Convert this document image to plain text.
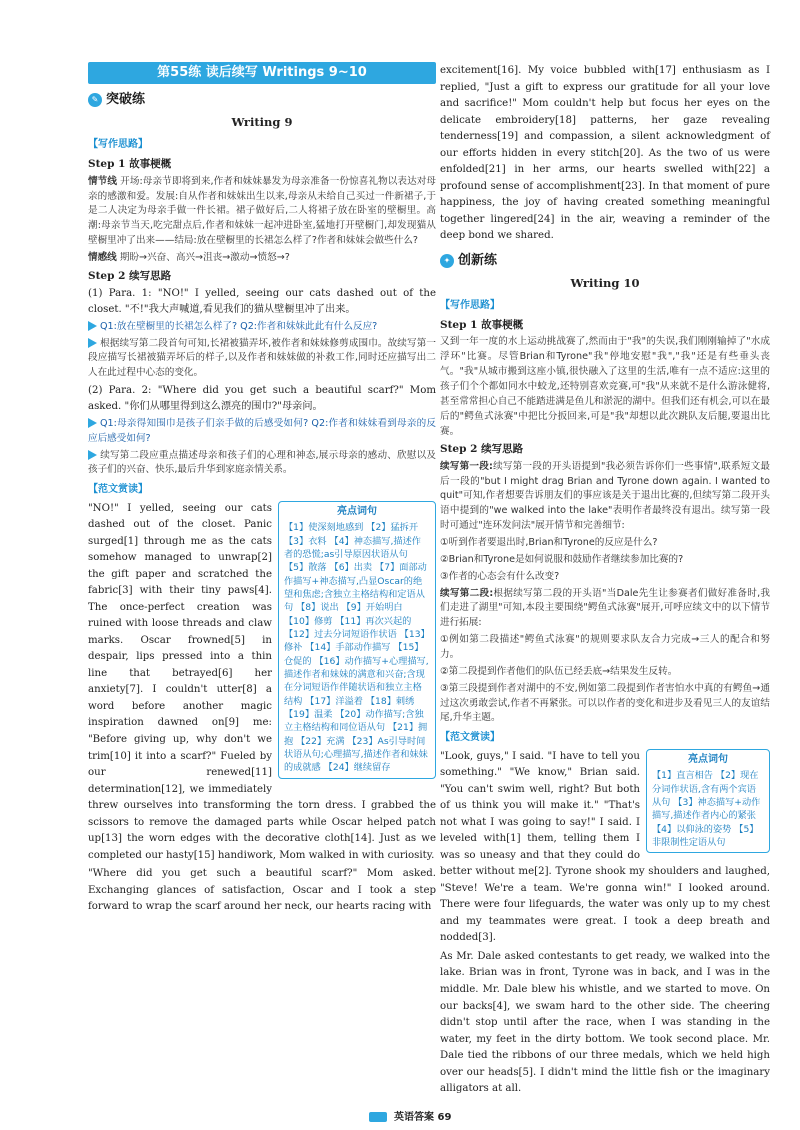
第55练 读后续写 Writings 9~10
✎ 突破练
Writing 9
【写作思路】
Step 1 故事梗概

情节线 开场:母亲节即将到来,作者和妹妹暴发为母亲准备一份惊喜礼物以表达对母亲的感激和爱。发展:自从作者和妹妹出生以来,母亲从未给自己买过一件新裙子,于是二人决定为母亲手做一件长裙。裙子做好后,二人将裙子放在卧室的壁橱里。高潮:母亲节当天,吃完甜点后,作者和妹妹一起冲进卧室,猛地打开壁橱门,却发现猫从壁橱里冲了出来——结局:放在壁橱里的长裙怎么样了?作者和妹妹会做些什么?

情感线 期盼→兴奋、高兴→沮丧→激动→愤怒→?

Step 2 续写思路

(1) Para. 1: "NO!" I yelled, seeing our cats dashed out of the closet. "不!"我大声喊道,看见我们的猫从壁橱里冲了出来。

Q1:放在壁橱里的长裙怎么样了? Q2:作者和妹妹此此有什么反应?

根据续写第二段首句可知,长裙被猫弄坏,被作者和妹妹修剪成围巾。故续写第一段应描写长裙被猫弄坏后的样子,以及作者和妹妹做的补救工作,同时还应描写出二人在此过程中心态的变化。

(2) Para. 2: "Where did you get such a beautiful scarf?" Mom asked. "你们从哪里得到这么漂亮的围巾?"母亲问。

Q1:母亲得知围巾是孩子们亲手做的后感受如何? Q2:作者和妹妹看到母亲的反应后感受如何?

续写第二段应重点描述母亲和孩子们的心理和神态,展示母亲的感动、欣慰以及孩子们的兴奋、快乐,最后升华到家庭亲情关系。

【范文赏读】
亮点词句
【1】使深刻地感到 【2】猛拆开 【3】衣料 【4】神态描写,描述作者的恐慌;as引导原因状语从句 【5】散落 【6】出卖 【7】面部动作描写+神态描写,凸显Oscar的绝望和焦虑;含独立主格结构和定语从句 【8】说出 【9】开始明白 【10】修剪 【11】再次兴起的 【12】过去分词短语作状语 【13】修补 【14】手部动作描写 【15】仓促的 【16】动作描写+心理描写,描述作者和妹妹的满意和兴奋;含现在分词短语作伴随状语和独立主格结构 【17】洋溢着 【18】刺绣 【19】温柔 【20】动作描写;含独立主格结构和同位语从句 【21】拥抱 【22】充满 【23】As引导时间状语从句;心理描写,描述作者和妹妹的成就感 【24】继续留存

"NO!" I yelled, seeing our cats dashed out of the closet. Panic surged[1] through me as the cats somehow managed to unwrap[2] the gift paper and scratched the fabric[3] with their tiny paws[4]. The once-perfect creation was ruined with loose threads and claw marks. Oscar frowned[5] in despair, lips pressed into a thin line that betrayed[6] her anxiety[7]. I couldn't utter[8] a word before another magic inspiration dawned on[9] me: "Before giving up, why don't we trim[10] it into a scarf?" Fueled by our renewed[11] determination[12], we immediately threw ourselves into transforming the torn dress. I grabbed the scissors to remove the damaged parts while Oscar helped patch up[13] the worn edges with the decorative cloth[14]. Just as we completed our hasty[15] handiwork, Mom walked in with curiosity.

"Where did you get such a beautiful scarf?" Mom asked. Exchanging glances of satisfaction, Oscar and I took a step forward to wrap the scarf around her neck, our hearts racing with

excitement[16]. My voice bubbled with[17] enthusiasm as I replied, "Just a gift to express our gratitude for all your love and sacrifice!" Mom couldn't help but focus her eyes on the delicate embroidery[18] patterns, her gaze revealing tenderness[19] and compassion, a silent acknowledgment of our efforts hidden in every stitch[20]. As the two of us were enfolded[21] in her arms, our hearts swelled with[22] a profound sense of accomplishment[23]. In that moment of pure happiness, the joy of having created something meaningful together lingered[24] in the air, weaving a reminder of the deep bond we shared.

✦ 创新练
Writing 10
【写作思路】
Step 1 故事梗概

又到一年一度的水上运动挑战赛了,然而由于"我"的失误,我们刚刚输掉了"水成浮环"比赛。尽管Brian和Tyrone"我"停地安慰"我","我"还是有些垂头丧气。"我"从城市搬到这座小镇,很快融入了这里的生活,唯有一点不适应:这里的孩子们个个都如同水中蛟龙,还特别喜欢竞赛,可"我"从来就不是什么游泳健将,甚至常常担心自己不能踏进满是鱼儿和淤泥的湖中。但我们还有机会,可以在最后的"鳄鱼式泳赛"中把比分扳回来,可是"我"却想以此次跳队友后腿,要退出比赛。

Step 2 续写思路

续写第一段:续写第一段的开头语提到"我必须告诉你们一些事情",联系短文最后一段的"but I might drag Brian and Tyrone down again. I wanted to quit"可知,作者想要告诉朋友们的事应该是关于退出比赛的,但续写第二段开头语中提到的"we walked into the lake"表明作者最终没有退出。续写第一段时可通过"连环发问法"展开情节和完善细节:

①听到作者要退出时,Brian和Tyrone的反应是什么?

②Brian和Tyrone是如何说服和鼓励作者继续参加比赛的?

③作者的心态会有什么改变?

续写第二段:根据续写第二段的开头语"当Dale先生让参赛者们做好准备时,我们走进了湖里"可知,本段主要围绕"鳄鱼式泳赛"展开,可呼应续文中的以下情节进行拓展:

①例如第二段描述"鳄鱼式泳赛"的规则要求队友合力完成→三人的配合和努力。

②第二段提到作者他们的队伍已经丢底→结果发生反转。

③第三段提到作者对湖中的不安,例如第二段提到作者害怕水中真的有鳄鱼→通过这次勇敢尝试,作者不再紧张。可以以作者的变化和进步及看见三人的友谊结尾,升华主题。

【范文赏读】
亮点词句
【1】直言相告 【2】现在分词作状语,含有两个宾语从句 【3】神态描写+动作描写,描述作者内心的紧张 【4】以仰泳的姿势 【5】非限制性定语从句

"Look, guys," I said. "I have to tell you something." "We know," Brian said. "You can't swim well, right? But both of us think you will make it." "That's not what I was going to say!" I said. I leveled with[1] them, telling them I was so uneasy and that they could do better without me[2]. Tyrone shook my shoulders and laughed, "Steve! We're a team. We're gonna win!" I looked around. There were four lifeguards, the water was only up to my chest and my teammates were great. I took a deep breath and nodded[3].

As Mr. Dale asked contestants to get ready, we walked into the lake. Brian was in front, Tyrone was in back, and I was in the middle. Mr. Dale blew his whistle, and we started to move. On our backs[4], we swam hard to the other side. The cheering didn't stop until after the race, when I was standing in the water, my feet in the dirty bottom. We took second place. Mr. Dale tied the ribbons of our three medals, which we held high over our heads[5]. I didn't mind the little fish or the imaginary alligators at all.

英语答案 69
